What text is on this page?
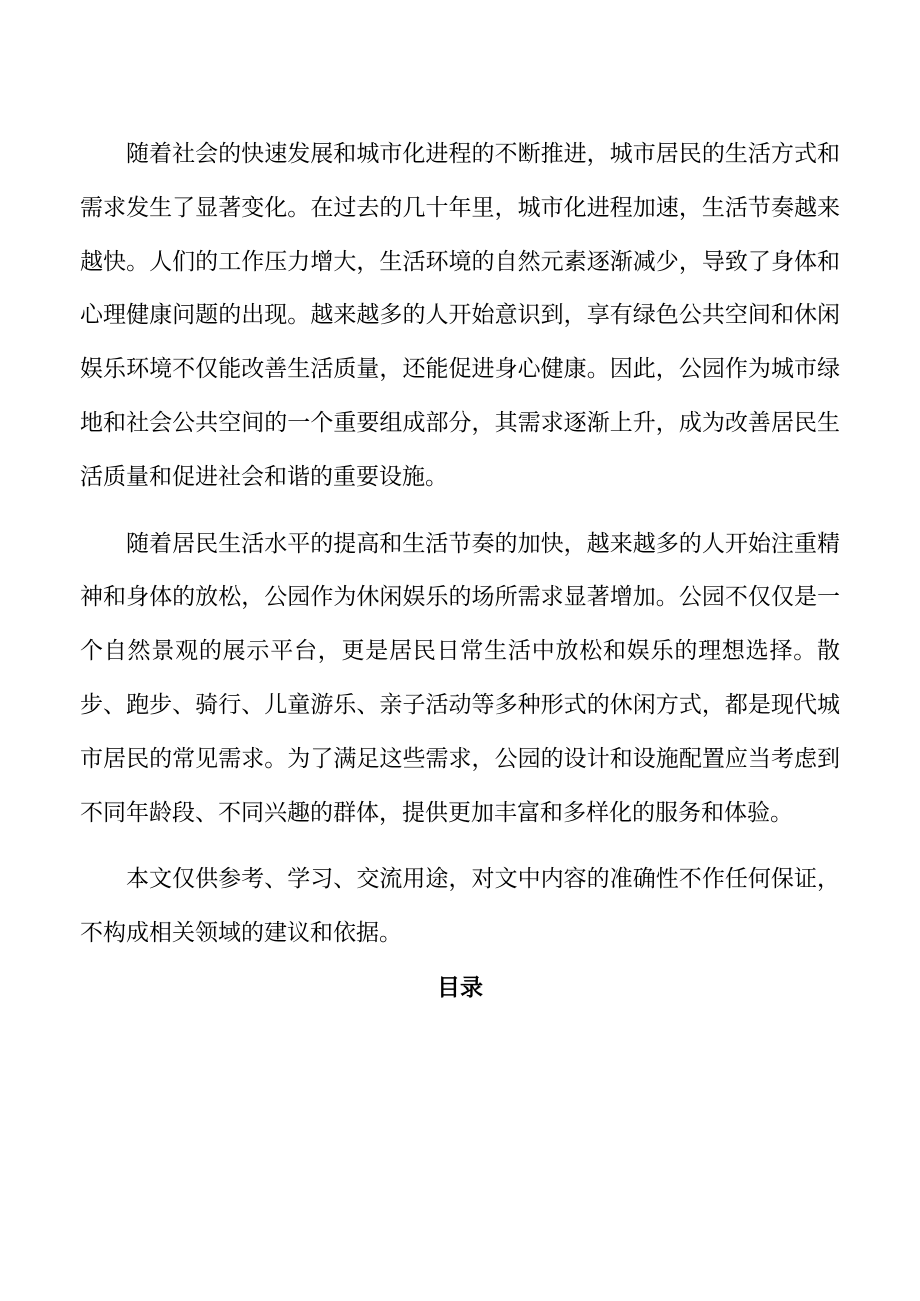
随着社会的快速发展和城市化进程的不断推进，城市居民的生活方式和需求发生了显著变化。在过去的几十年里，城市化进程加速，生活节奏越来越快。人们的工作压力增大，生活环境的自然元素逐渐减少，导致了身体和心理健康问题的出现。越来越多的人开始意识到，享有绿色公共空间和休闲娱乐环境不仅能改善生活质量，还能促进身心健康。因此，公园作为城市绿地和社会公共空间的一个重要组成部分，其需求逐渐上升，成为改善居民生活质量和促进社会和谐的重要设施。

随着居民生活水平的提高和生活节奏的加快，越来越多的人开始注重精神和身体的放松，公园作为休闲娱乐的场所需求显著增加。公园不仅仅是一个自然景观的展示平台，更是居民日常生活中放松和娱乐的理想选择。散步、跑步、骑行、儿童游乐、亲子活动等多种形式的休闲方式，都是现代城市居民的常见需求。为了满足这些需求，公园的设计和设施配置应当考虑到不同年龄段、不同兴趣的群体，提供更加丰富和多样化的服务和体验。

本文仅供参考、学习、交流用途，对文中内容的准确性不作任何保证，不构成相关领域的建议和依据。

目录
